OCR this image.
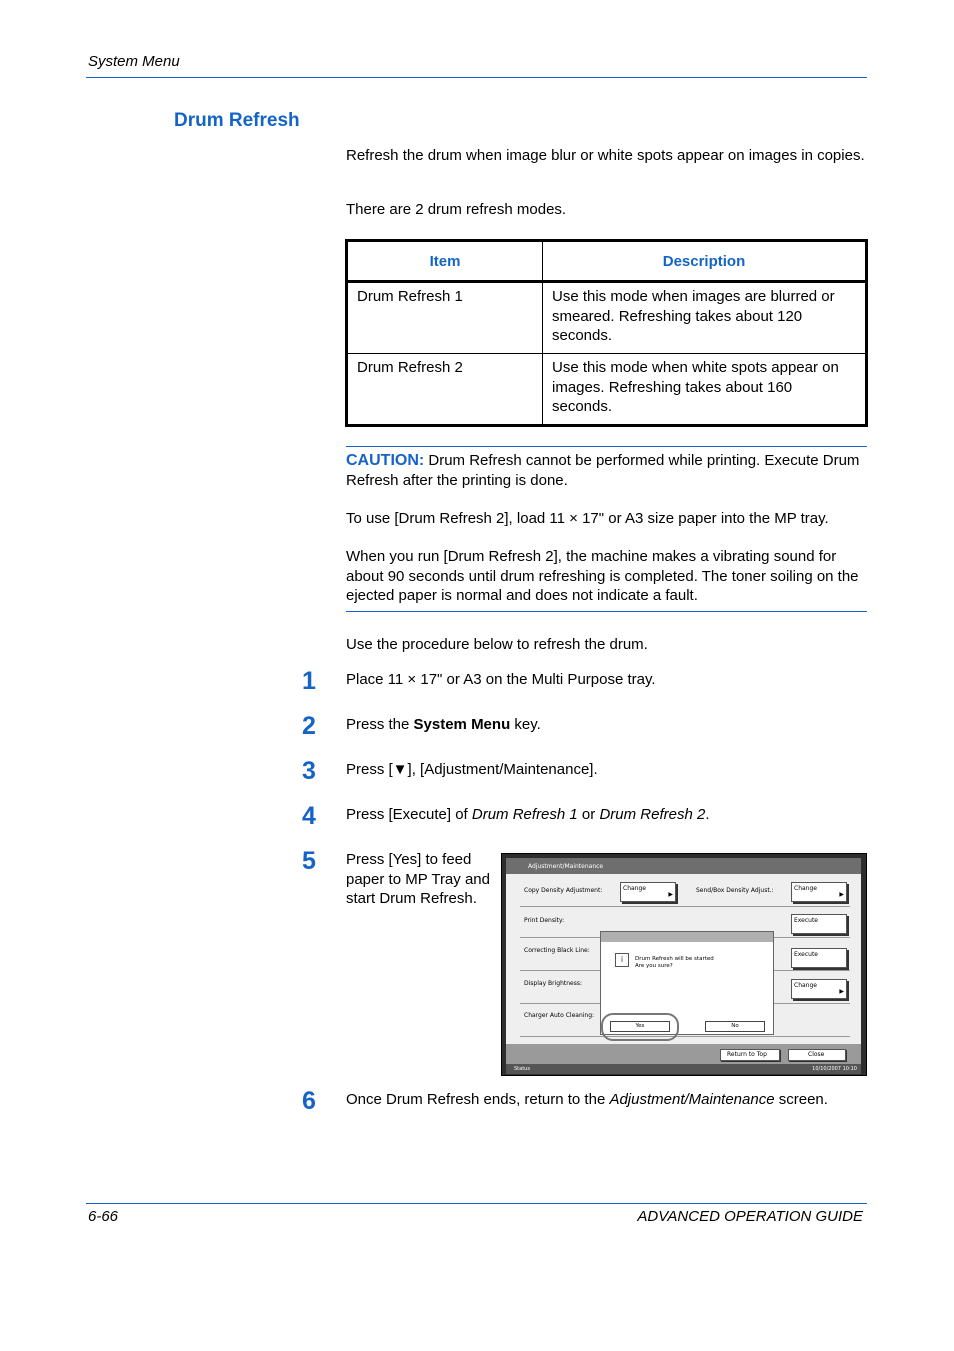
System Menu
Drum Refresh
Refresh the drum when image blur or white spots appear on images in copies.
There are 2 drum refresh modes.
Item	Description
Drum Refresh 1	Use this mode when images are blurred or smeared. Refreshing takes about 120 seconds.
Drum Refresh 2	Use this mode when white spots appear on images. Refreshing takes about 160 seconds.
CAUTION: Drum Refresh cannot be performed while printing. Execute Drum Refresh after the printing is done.
To use [Drum Refresh 2], load 11 × 17" or A3 size paper into the MP tray.
When you run [Drum Refresh 2], the machine makes a vibrating sound for about 90 seconds until drum refreshing is completed. The toner soiling on the ejected paper is normal and does not indicate a fault.
Use the procedure below to refresh the drum.
1 Place 11 × 17" or A3 on the Multi Purpose tray.
2 Press the System Menu key.
3 Press [▼], [Adjustment/Maintenance].
4 Press [Execute] of Drum Refresh 1 or Drum Refresh 2.
5 Press [Yes] to feed paper to MP Tray and start Drum Refresh.
Adjustment/Maintenance
Copy Density Adjustment:	Change
▶
Send/Box Density Adjust.:	Change
▶
Print Density:	Execute
Correcting Black Line:
Execute
Display Brightness:	Change
▶
Charger Auto Cleaning:
i	Drum Refresh will be started
Are you sure?
Yes	No
Return to Top	Close
Status	10/10/2007 10:10
6 Once Drum Refresh ends, return to the Adjustment/Maintenance screen.
6-66	ADVANCED OPERATION GUIDE
